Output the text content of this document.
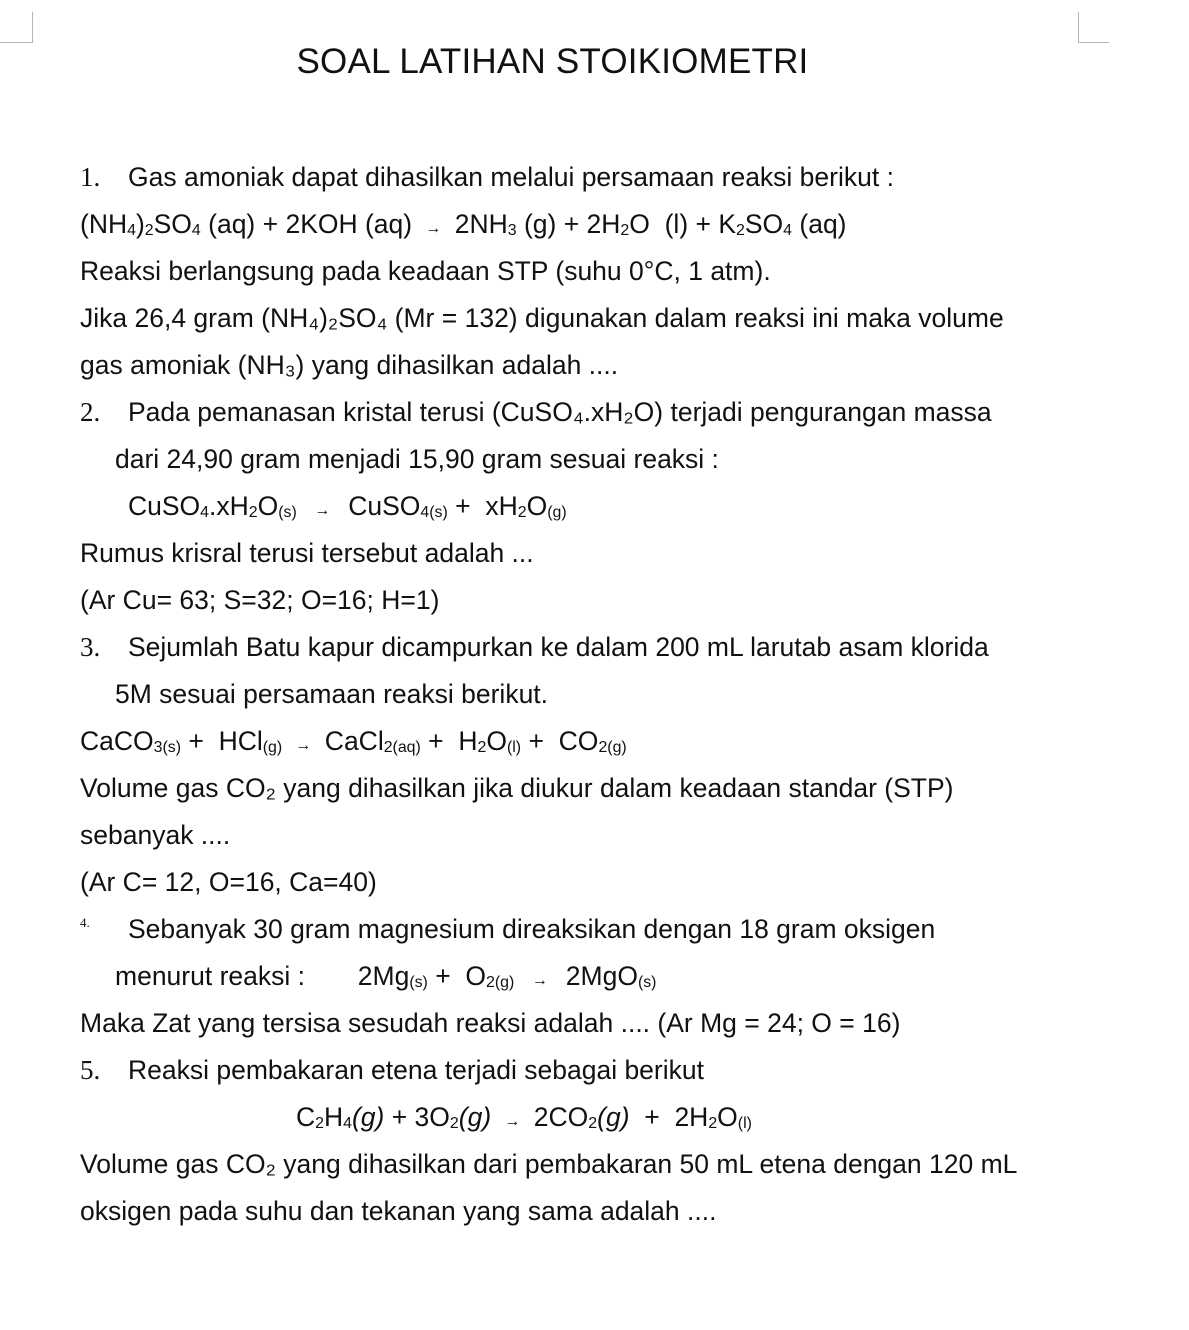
SOAL LATIHAN STOIKIOMETRI
1. Gas amoniak dapat dihasilkan melalui persamaan reaksi berikut :
$(NH_4)_2SO_4$ (aq) + 2KOH $(aq) \to 2NH_3$ $(g) + 2H_2O$  $(l) + K_2SO_4$ (aq)
Reaksi berlangsung pada keadaan STP (suhu 0°C, 1 atm).
Jika 26,4 gram (NH₄)₂SO₄ (Mr = 132) digunakan dalam reaksi ini maka volume
gas amoniak (NH₃) yang dihasilkan adalah ....
2. Pada pemanasan kristal terusi (CuSO₄.xH₂O) terjadi pengurangan massa
dari 24,90 gram menjadi 15,90 gram sesuai reaksi :
$CuSO_4.xH_2O_{(s)}$  →  CuSO$_{4(s)}$ +  $xH_2O_{(g)}$
Rumus krisral terusi tersebut adalah ...
(Ar Cu= 63; S=32; O=16; H=1)
3. Sejumlah Batu kapur dicampurkan ke dalam 200 mL larutab asam klorida
5M sesuai persamaan reaksi berikut.
CaCO$_{3(s)}$ +  HCl$_{(g)}$ → CaCl$_{2(aq)}$ +  $H_2O_{(l)} + CO_{2(g)}$
Volume gas CO₂ yang dihasilkan jika diukur dalam keadaan standar (STP)
sebanyak ....
(Ar C= 12, O=16, Ca=40)
4. Sebanyak 30 gram magnesium direaksikan dengan 18 gram oksigen
menurut reaksi : $2Mg_{(s)} + O_{2(g)} \to 2MgO_{(s)}$
Maka Zat yang tersisa sesudah reaksi adalah .... (Ar Mg = 24; O = 16)
5. Reaksi pembakaran etena terjadi sebagai berikut
$C_2H_4(g) + 3O_2(g) \to 2CO_2(g) + 2H_2O_{(l)}$
Volume gas CO₂ yang dihasilkan dari pembakaran 50 mL etena dengan 120 mL
oksigen pada suhu dan tekanan yang sama adalah ....
